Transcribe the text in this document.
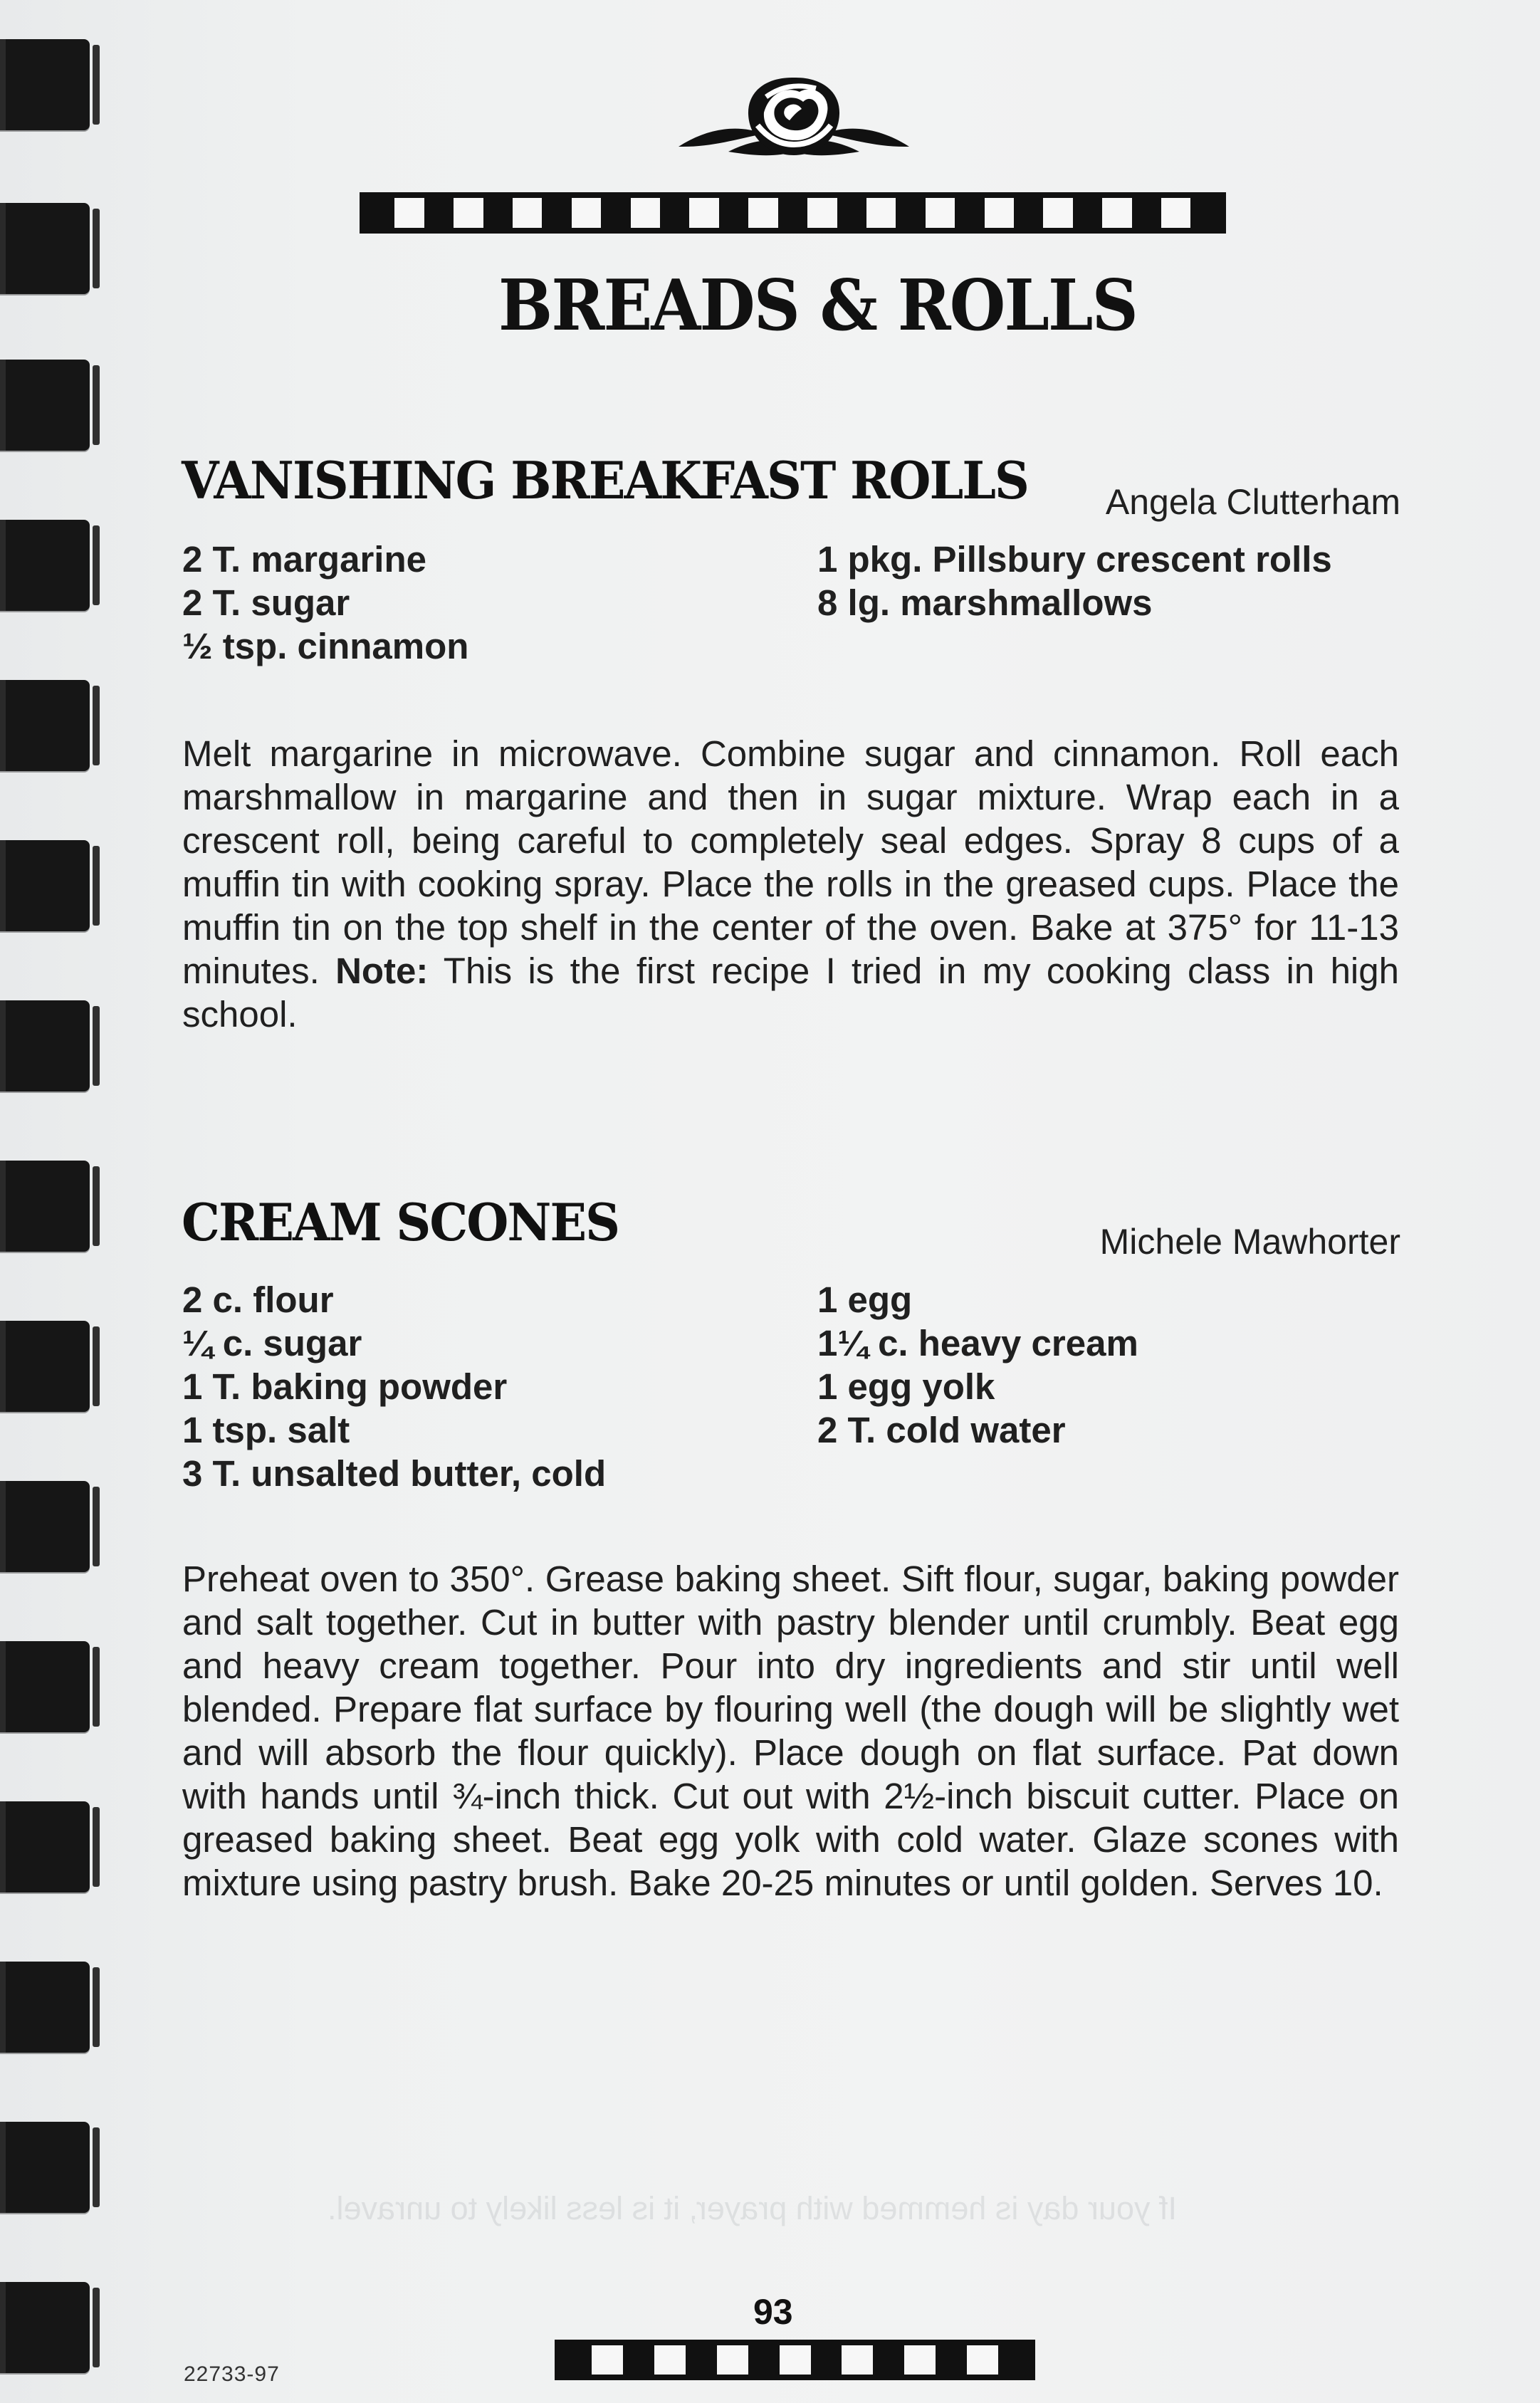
If your day is hemmed with prayer, it is less likely to unravel.
BREADS & ROLLS
VANISHING BREAKFAST ROLLS Angela Clutterham
2 T. margarine
2 T. sugar
½ tsp. cinnamon
1 pkg. Pillsbury crescent rolls
8 lg. marshmallows

Melt margarine in microwave. Combine sugar and cinnamon. Roll each marshmallow in margarine and then in sugar mixture. Wrap each in a crescent roll, being careful to completely seal edges. Spray 8 cups of a muffin tin with cooking spray. Place the rolls in the greased cups. Place the muffin tin on the top shelf in the center of the oven. Bake at 375° for 11-13 minutes. Note: This is the first recipe I tried in my cooking class in high school.

CREAM SCONES	Michele Mawhorter
2 c. flour
¼ c. sugar
1 T. baking powder
1 tsp. salt
3 T. unsalted butter, cold
1 egg
1¼ c. heavy cream
1 egg yolk
2 T. cold water

Preheat oven to 350°. Grease baking sheet. Sift flour, sugar, baking powder and salt together. Cut in butter with pastry blender until crumbly. Beat egg and heavy cream together. Pour into dry ingredients and stir until well blended. Prepare flat surface by flouring well (the dough will be slightly wet and will absorb the flour quickly). Place dough on flat surface. Pat down with hands until ¾-inch thick. Cut out with 2½-inch biscuit cutter. Place on greased baking sheet. Beat egg yolk with cold water. Glaze scones with mixture using pastry brush. Bake 20-25 minutes or until golden. Serves 10.

93
22733-97
